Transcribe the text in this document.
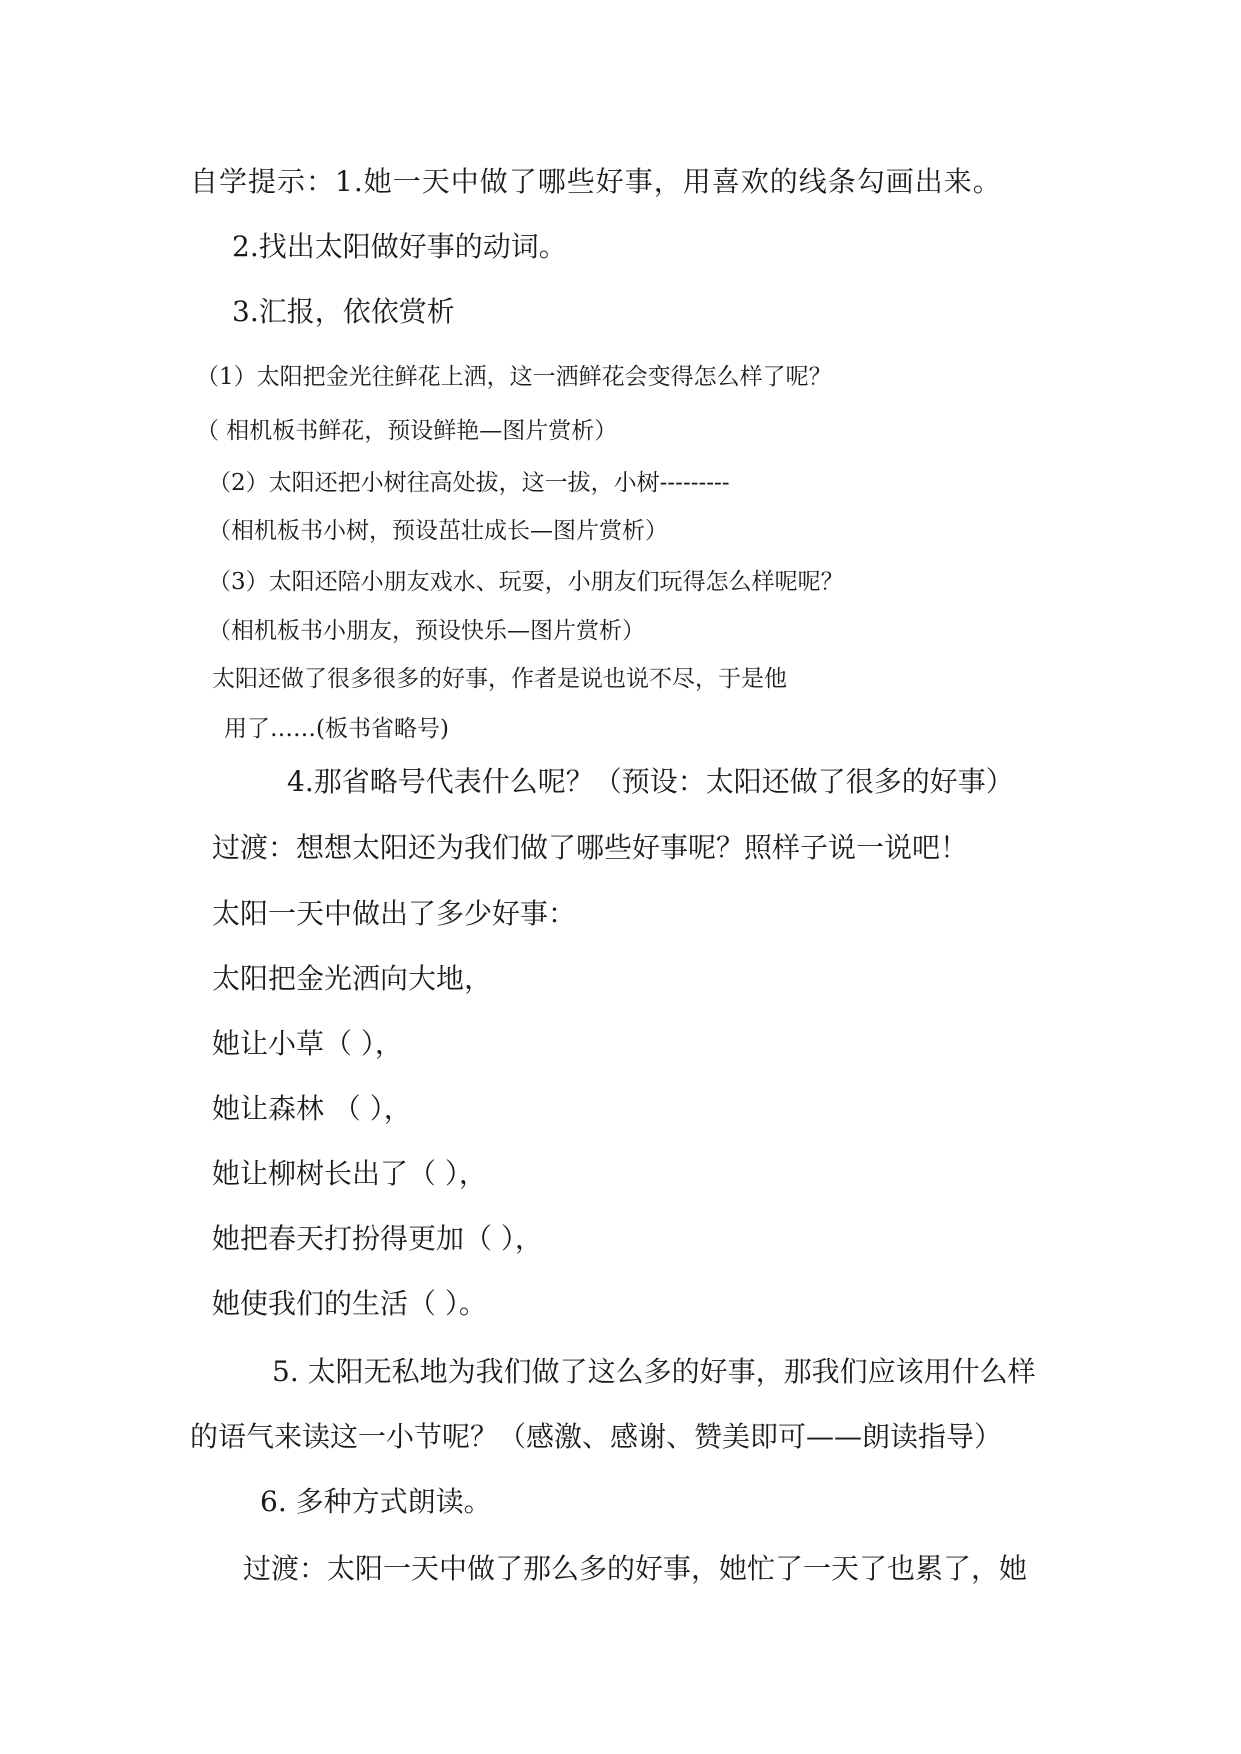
自学提示：1.她一天中做了哪些好事，用喜欢的线条勾画出来。
2.找出太阳做好事的动词。
3.汇报，依依赏析
（1）太阳把金光往鲜花上洒，这一洒鲜花会变得怎么样了呢？
（ 相机板书鲜花，预设鲜艳—图片赏析）
（2）太阳还把小树往高处拔，这一拔，小树---------
（相机板书小树，预设茁壮成长—图片赏析）
（3）太阳还陪小朋友戏水、玩耍，小朋友们玩得怎么样呢呢？
（相机板书小朋友，预设快乐—图片赏析）
太阳还做了很多很多的好事，作者是说也说不尽，于是他
用了……(板书省略号)
4.那省略号代表什么呢？（预设：太阳还做了很多的好事）
过渡：想想太阳还为我们做了哪些好事呢？照样子说一说吧！
太阳一天中做出了多少好事：
太阳把金光洒向大地，
她让小草（ ），
她让森林 （ ），
她让柳树长出了（ ），
她把春天打扮得更加（ ），
她使我们的生活（ ）。
5. 太阳无私地为我们做了这么多的好事，那我们应该用什么样
的语气来读这一小节呢？（感激、感谢、赞美即可——朗读指导）
6. 多种方式朗读。
过渡：太阳一天中做了那么多的好事，她忙了一天了也累了，她
